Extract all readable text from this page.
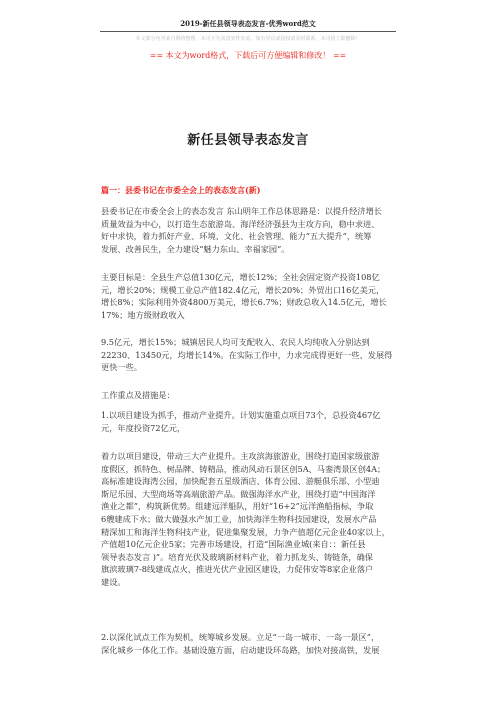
2019-新任县领导表态发言-优秀word范文
本文部分内容来自网络整理，本司不为其真实性负责，如有异议或侵权请及时联系，本司将立即删除！
== 本文为word格式，下载后可方便编辑和修改！ ==
新任县领导表态发言
篇一：县委书记在市委全会上的表态发言(新)

县委书记在市委全会上的表态发言 东山明年工作总体思路是：以提升经济增长
质量效益为中心，以打造生态旅游岛、海洋经济强县为主攻方向，稳中求进、
好中求快，着力抓好产业、环境、文化、社会管理、能力“五大提升”，统筹
发展、改善民生，全力建设“魅力东山、幸福家园”。

主要目标是：全县生产总值130亿元，增长12%；全社会固定资产投资108亿
元，增长20%；规模工业总产值182.4亿元，增长20%；外贸出口16亿美元，
增长8%；实际利用外资4800万美元，增长6.7%；财政总收入14.5亿元，增长
17%；地方级财政收入

9.5亿元，增长15%；城镇居民人均可支配收入、农民人均纯收入分别达到
22230、13450元，均增长14%。在实际工作中，力求完成得更好一些、发展得
更快一些。

工作重点及措施是：

1.以项目建设为抓手，推动产业提升。计划实施重点项目73个，总投资467亿
元，年度投资72亿元，

着力以项目建设，带动三大产业提升。主攻滨海旅游业，围绕打造国家级旅游
度假区，抓特色、树品牌、铸精品，推动风动石景区创5A、马銮湾景区创4A；
高标准建设海湾公园，加快配套五星级酒店、体育公园、游艇俱乐部、小型迪
斯尼乐园、大型商场等高端旅游产品。做强海洋水产业，围绕打造“中国海洋
渔业之都”，构筑新优势。组建远洋船队，用好“16+2”远洋渔船指标，争取
6艘建成下水；做大做强水产加工业，加快海洋生物科技园建设，发展水产品
精深加工和海洋生物科技产业，促进集聚发展，力争产值超亿元企业40家以上，
产值超10亿元企业5家；完善市场建设，打造“国际渔业城(来自：：新任县
领导表态发言 )”。培育光伏及玻璃新材料产业，着力抓龙头、铸链条，确保
旗滨玻璃7-8线建成点火，推进光伏产业园区建设，力促伟安等8家企业落户
建设。

2.以深化试点工作为契机，统筹城乡发展。立足“一岛一城市、一岛一景区”，
深化城乡一体化工作。基础设施方面，启动建设环岛路，加快对接高铁，发展
